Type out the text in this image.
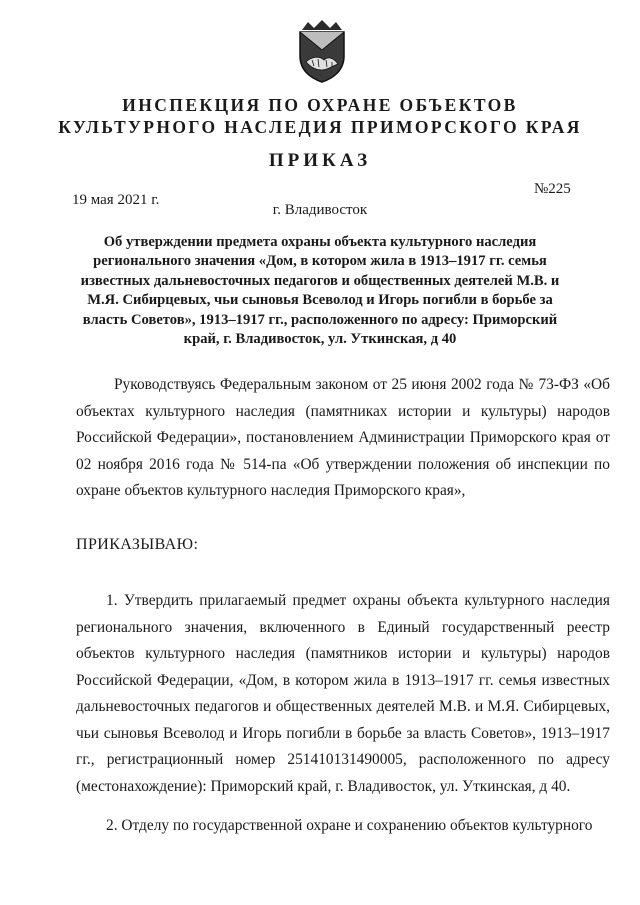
ИНСПЕКЦИЯ ПО ОХРАНЕ ОБЪЕКТОВ
КУЛЬТУРНОГО НАСЛЕДИЯ ПРИМОРСКОГО КРАЯ
ПРИКАЗ
19 мая 2021 г.
№225
г. Владивосток
Об утверждении предмета охраны объекта культурного наследия регионального значения «Дом, в котором жила в 1913–1917 гг. семья известных дальневосточных педагогов и общественных деятелей М.В. и М.Я. Сибирцевых, чьи сыновья Всеволод и Игорь погибли в борьбе за власть Советов», 1913–1917 гг., расположенного по адресу: Приморский край, г. Владивосток, ул. Уткинская, д 40
Руководствуясь Федеральным законом от 25 июня 2002 года № 73-ФЗ «Об объектах культурного наследия (памятниках истории и культуры) народов Российской Федерации», постановлением Администрации Приморского края от 02 ноября 2016 года № 514-па «Об утверждении положения об инспекции по охране объектов культурного наследия Приморского края»,
ПРИКАЗЫВАЮ:
1. Утвердить прилагаемый предмет охраны объекта культурного наследия регионального значения, включенного в Единый государственный реестр объектов культурного наследия (памятников истории и культуры) народов Российской Федерации, «Дом, в котором жила в 1913–1917 гг. семья известных дальневосточных педагогов и общественных деятелей М.В. и М.Я. Сибирцевых, чьи сыновья Всеволод и Игорь погибли в борьбе за власть Советов», 1913–1917 гг., регистрационный номер 251410131490005, расположенного по адресу (местонахождение): Приморский край, г. Владивосток, ул. Уткинская, д 40.
2. Отделу по государственной охране и сохранению объектов культурного
